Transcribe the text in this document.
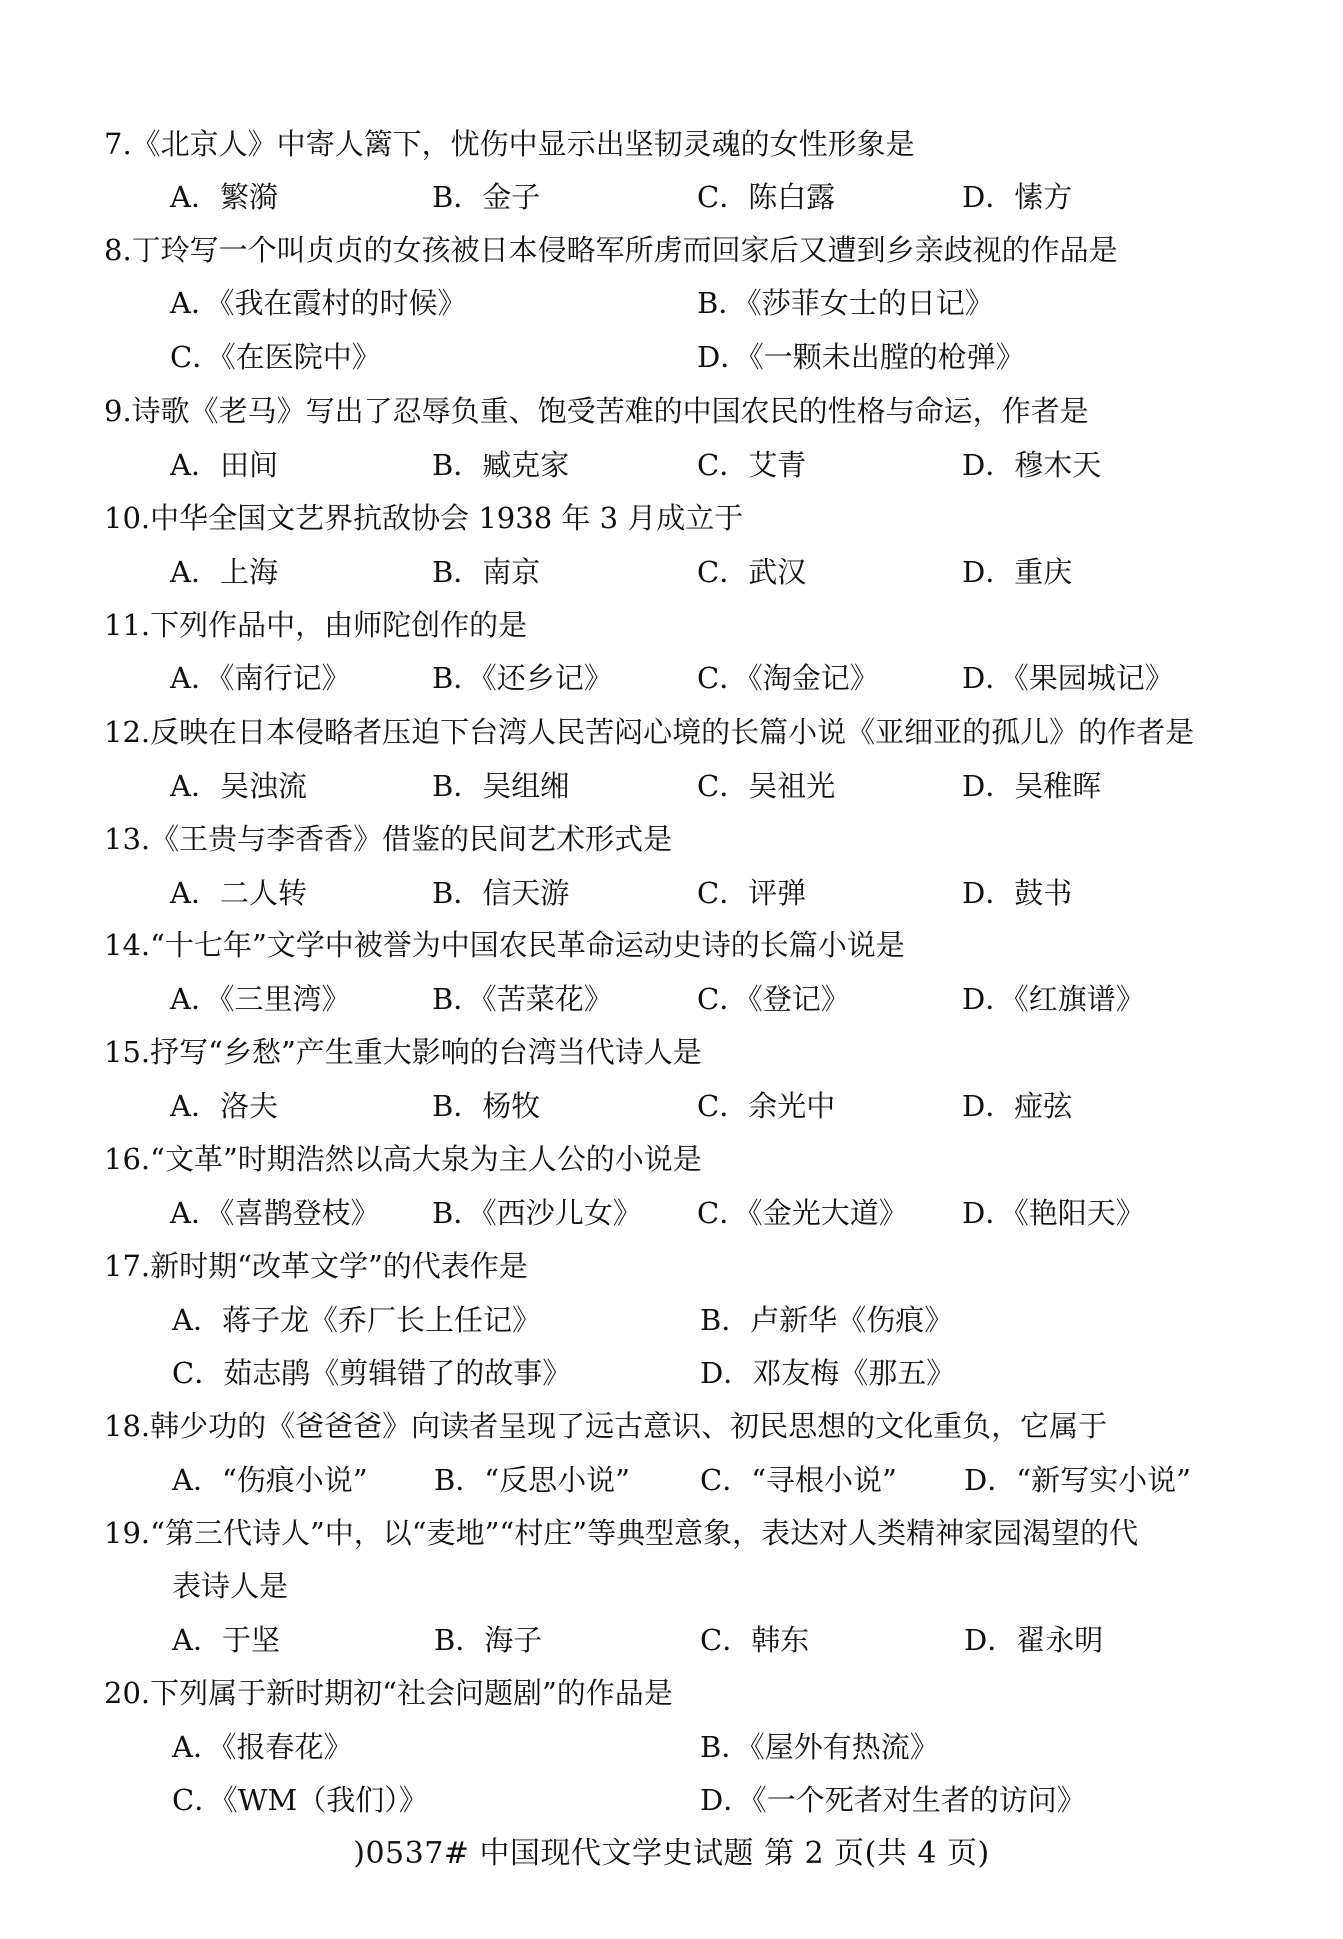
7.《北京人》中寄人篱下，忧伤中显示出坚韧灵魂的女性形象是
A．繁漪	B．金子	C．陈白露	D．愫方
8.丁玲写一个叫贞贞的女孩被日本侵略军所虏而回家后又遭到乡亲歧视的作品是
A．《我在霞村的时候》	B．《莎菲女士的日记》
C．《在医院中》	D．《一颗未出膛的枪弹》
9.诗歌《老马》写出了忍辱负重、饱受苦难的中国农民的性格与命运，作者是
A．田间	B．臧克家	C．艾青	D．穆木天
10.中华全国文艺界抗敌协会 1938 年 3 月成立于
A．上海	B．南京	C．武汉	D．重庆
11.下列作品中，由师陀创作的是
A．《南行记》	B．《还乡记》	C．《淘金记》	D．《果园城记》
12.反映在日本侵略者压迫下台湾人民苦闷心境的长篇小说《亚细亚的孤儿》的作者是
A．吴浊流	B．吴组缃	C．吴祖光	D．吴稚晖
13.《王贵与李香香》借鉴的民间艺术形式是
A．二人转	B．信天游	C．评弹	D．鼓书
14.“十七年”文学中被誉为中国农民革命运动史诗的长篇小说是
A．《三里湾》	B．《苦菜花》	C．《登记》	D．《红旗谱》
15.抒写“乡愁”产生重大影响的台湾当代诗人是
A．洛夫	B．杨牧	C．余光中	D．痖弦
16.“文革”时期浩然以高大泉为主人公的小说是
A．《喜鹊登枝》 B．《西沙儿女》 C．《金光大道》 D．《艳阳天》
17.新时期“改革文学”的代表作是
A．蒋子龙《乔厂长上任记》	B．卢新华《伤痕》
C．茹志鹃《剪辑错了的故事》	D．邓友梅《那五》
18.韩少功的《爸爸爸》向读者呈现了远古意识、初民思想的文化重负，它属于
A．“伤痕小说” B．“反思小说” C．“寻根小说” D．“新写实小说”
19.“第三代诗人”中，以“麦地”“村庄”等典型意象，表达对人类精神家园渴望的代
表诗人是
A．于坚	B．海子	C．韩东	D．翟永明
20.下列属于新时期初“社会问题剧”的作品是
A．《报春花》	B．《屋外有热流》
C．《WM（我们）》	D．《一个死者对生者的访问》
)0537# 中国现代文学史试题 第 2 页(共 4 页)
